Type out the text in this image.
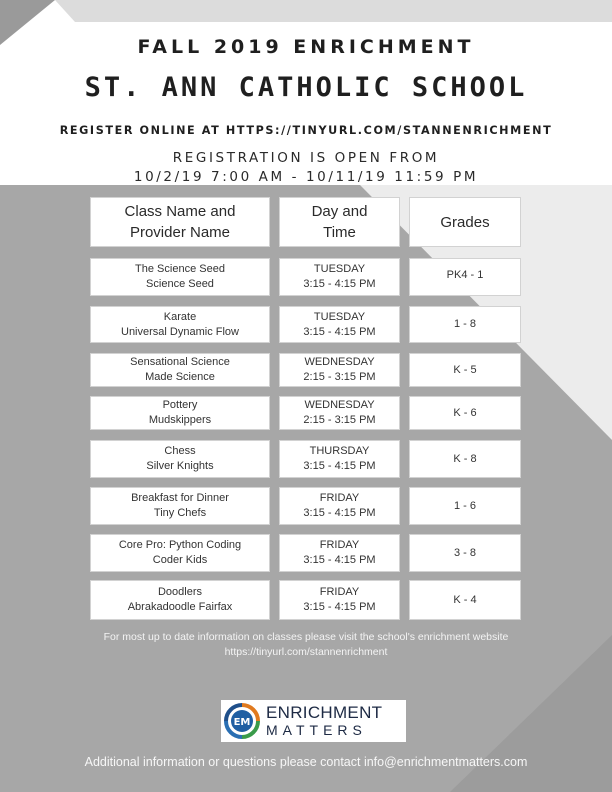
FALL 2019 ENRICHMENT
ST. ANN CATHOLIC SCHOOL
REGISTER ONLINE AT HTTPS://TINYURL.COM/STANNENRICHMENT
REGISTRATION IS OPEN FROM
10/2/19 7:00 AM - 10/11/19 11:59 PM
Class Name and
Provider Name
Day and
Time
Grades
The Science Seed
Science Seed
TUESDAY
3:15 - 4:15 PM
PK4 - 1
Karate
Universal Dynamic Flow
TUESDAY
3:15 - 4:15 PM
1 - 8
Sensational Science
Made Science
WEDNESDAY
2:15 - 3:15 PM
K - 5
Pottery
Mudskippers
WEDNESDAY
2:15 - 3:15 PM
K - 6
Chess
Silver Knights
THURSDAY
3:15 - 4:15 PM
K - 8
Breakfast for Dinner
Tiny Chefs
FRIDAY
3:15 - 4:15 PM
1 - 6
Core Pro: Python Coding
Coder Kids
FRIDAY
3:15 - 4:15 PM
3 - 8
Doodlers
Abrakadoodle Fairfax
FRIDAY
3:15 - 4:15 PM
K - 4
For most up to date information on classes please visit the school's enrichment website
https://tinyurl.com/stannenrichment
EM
ENRICHMENT
MATTERS
Additional information or questions please contact info@enrichmentmatters.com
